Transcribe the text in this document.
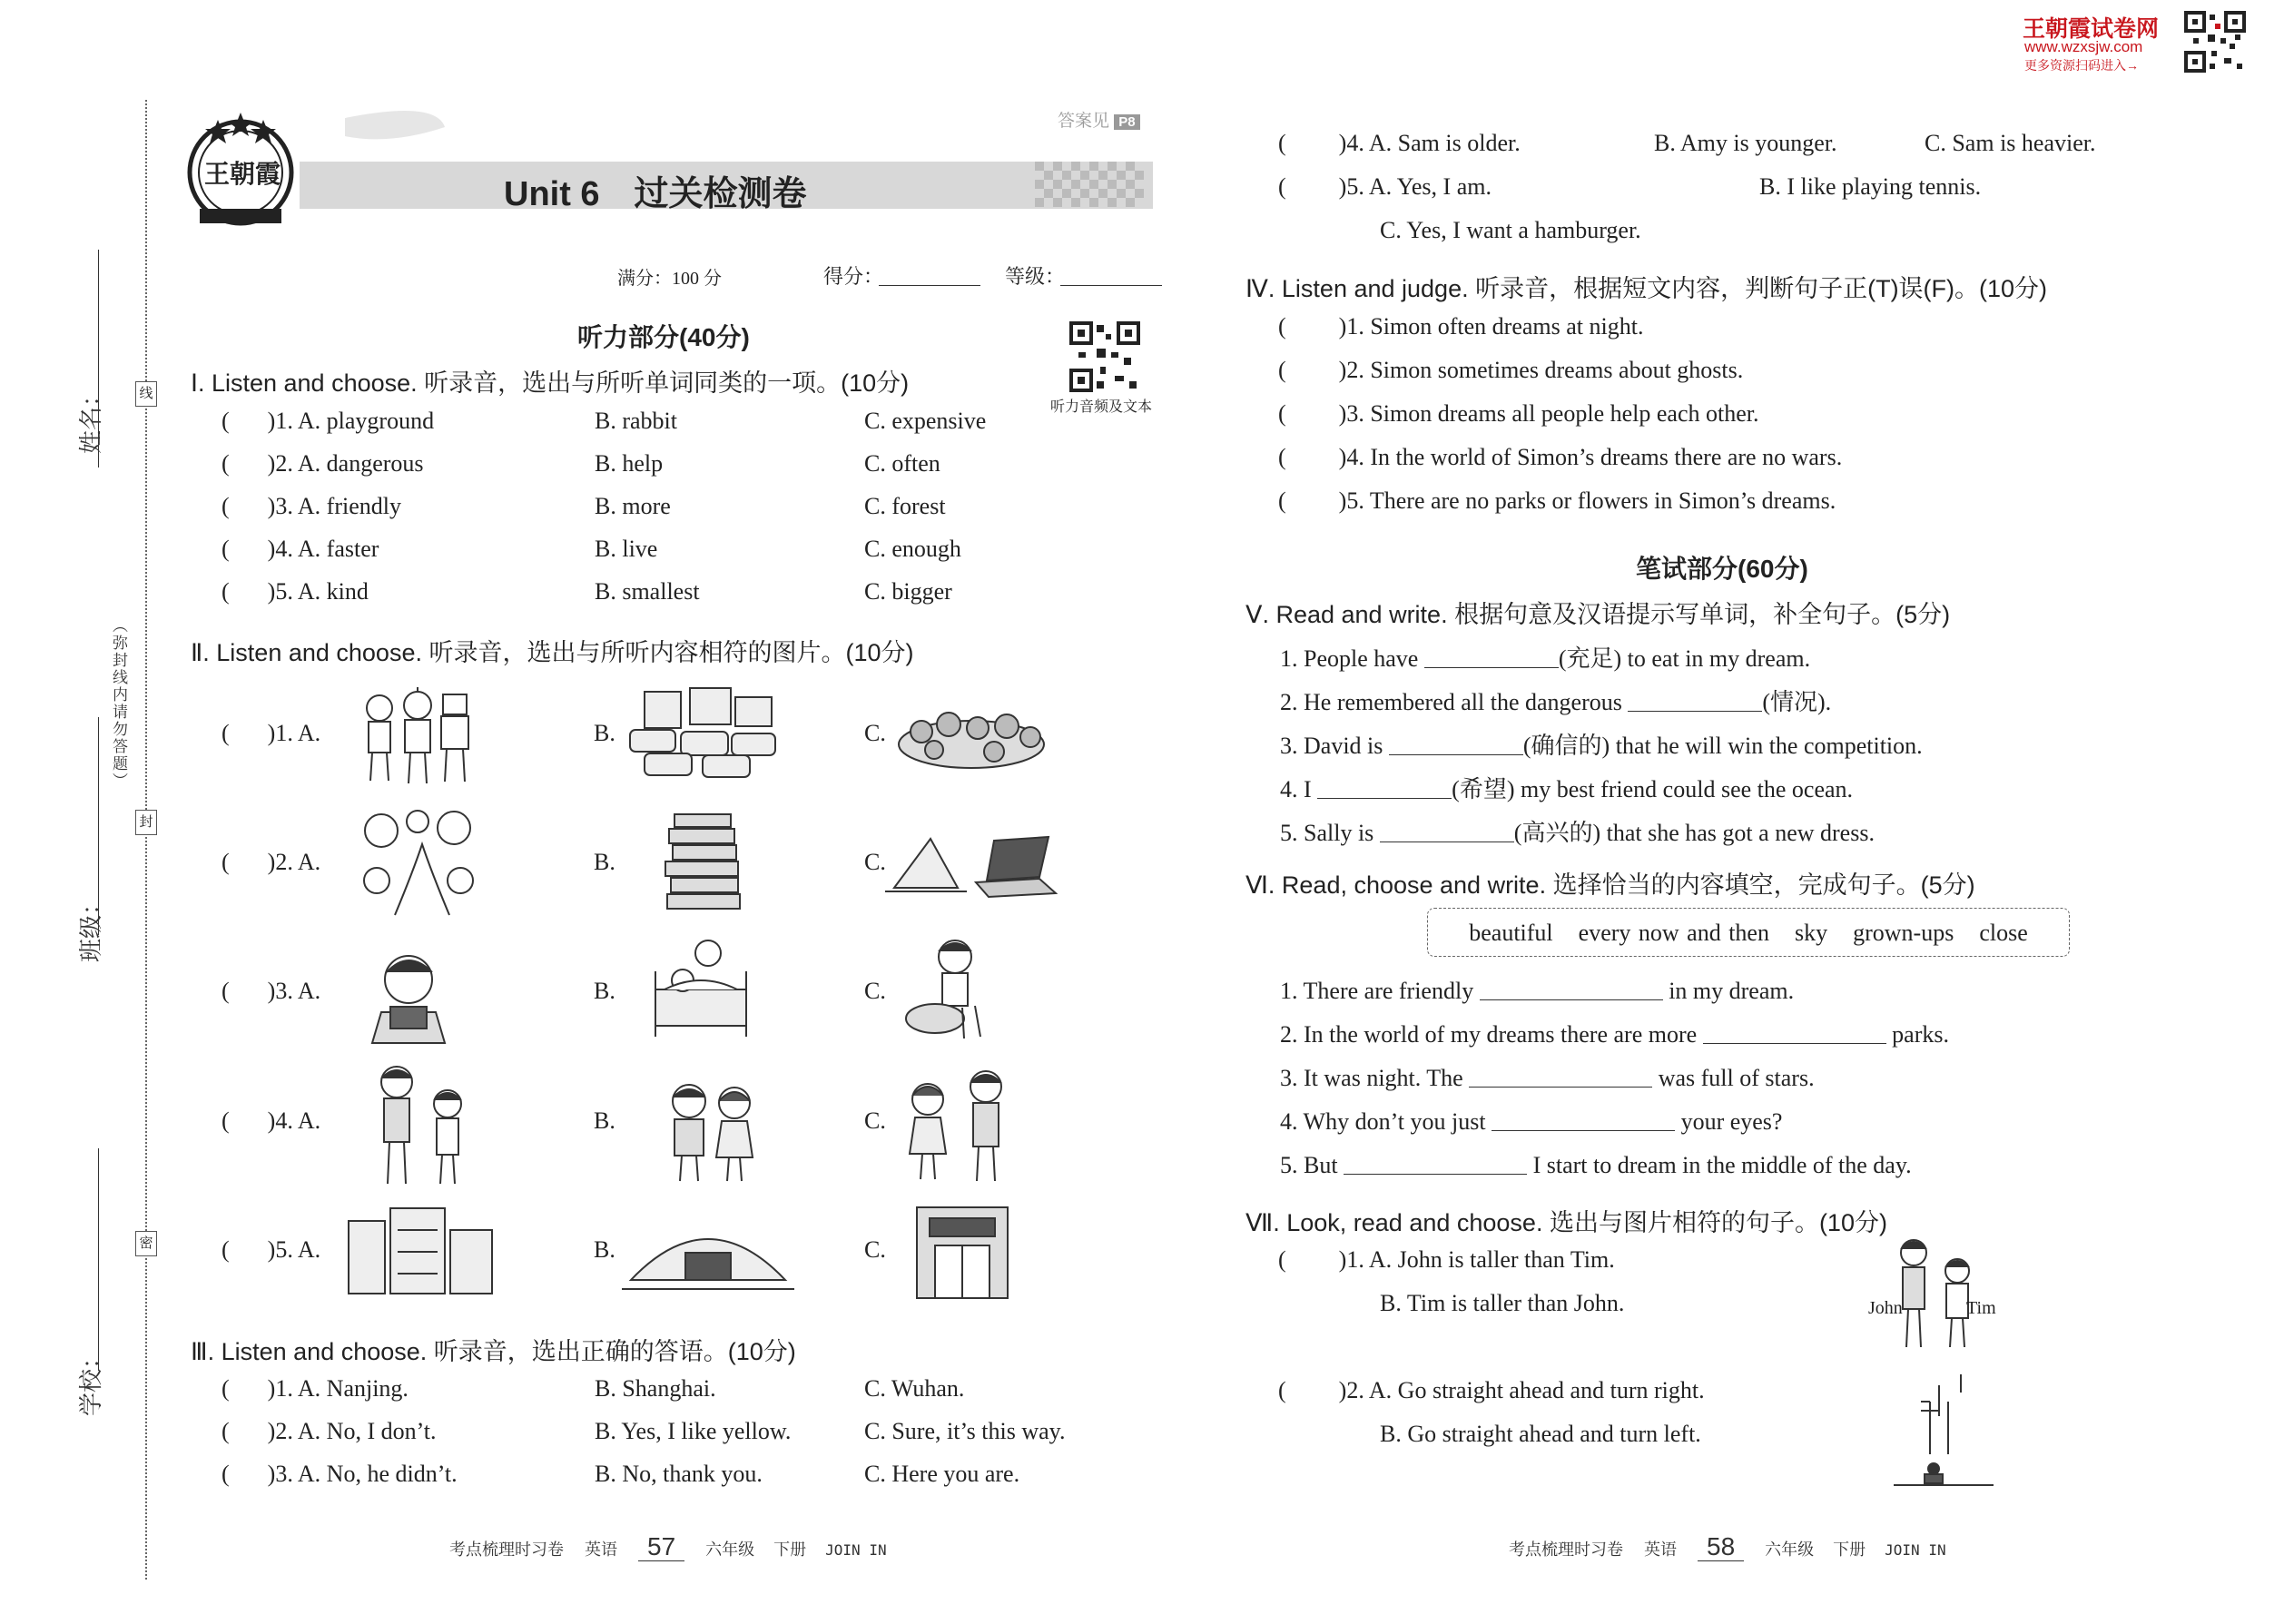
王朝霞试卷网
www.wzxsjw.com
更多资源扫码进入→
线
封
密
（弥封线内请勿答题）
姓名：
班级：
学校：
王朝霞
答案见 P8
Unit 6　过关检测卷
满分：100 分	得分：	等级：
听力音频及文本
听力部分(40分)
Ⅰ. Listen and choose. 听录音，选出与所听单词同类的一项。(10分)
( )1. A. playground	B. rabbit	C. expensive
( )2. A. dangerous	B. help	C. often
( )3. A. friendly	B. more	C. forest
( )4. A. faster	B. live	C. enough
( )5. A. kind	B. smallest	C. bigger
Ⅱ. Listen and choose. 听录音，选出与所听内容相符的图片。(10分)
( )1. A.	B.	C.
( )2. A.	B.	C.
( )3. A.	B.	C.
( )4. A.	B.	C.
( )5. A.	B.	C.
Ⅲ. Listen and choose. 听录音，选出正确的答语。(10分)
( )1. A. Nanjing.	B. Shanghai.	C. Wuhan.
( )2. A. No, I don’t.	B. Yes, I like yellow.	C. Sure, it’s this way.
( )3. A. No, he didn’t.	B. No, thank you.	C. Here you are.
考点梳理时习卷 英语 57 六年级 下册 JOIN IN
( )4. A. Sam is older.	B. Amy is younger.	C. Sam is heavier.
( )5. A. Yes, I am.	B. I like playing tennis.
C. Yes, I want a hamburger.
Ⅳ. Listen and judge. 听录音，根据短文内容，判断句子正(T)误(F)。(10分)
( )1. Simon often dreams at night.
( )2. Simon sometimes dreams about ghosts.
( )3. Simon dreams all people help each other.
( )4. In the world of Simon’s dreams there are no wars.
( )5. There are no parks or flowers in Simon’s dreams.
笔试部分(60分)
Ⅴ. Read and write. 根据句意及汉语提示写单词，补全句子。(5分)
1. People have	(充足) to eat in my dream.
2. He remembered all the dangerous	(情况).
3. David is	(确信的) that he will win the competition.
4. I	(希望) my best friend could see the ocean.
5. Sally is	(高兴的) that she has got a new dress.
Ⅵ. Read, choose and write. 选择恰当的内容填空，完成句子。(5分)
beautiful every now and then sky grown-ups close
1. There are friendly	in my dream.
2. In the world of my dreams there are more	parks.
3. It was night. The	was full of stars.
4. Why don’t you just	your eyes?
5. But	I start to dream in the middle of the day.
Ⅶ. Look, read and choose. 选出与图片相符的句子。(10分)
( )1. A. John is taller than Tim.
B. Tim is taller than John.	John	Tim
( )2. A. Go straight ahead and turn right.
B. Go straight ahead and turn left.
考点梳理时习卷 英语 58 六年级 下册 JOIN IN
